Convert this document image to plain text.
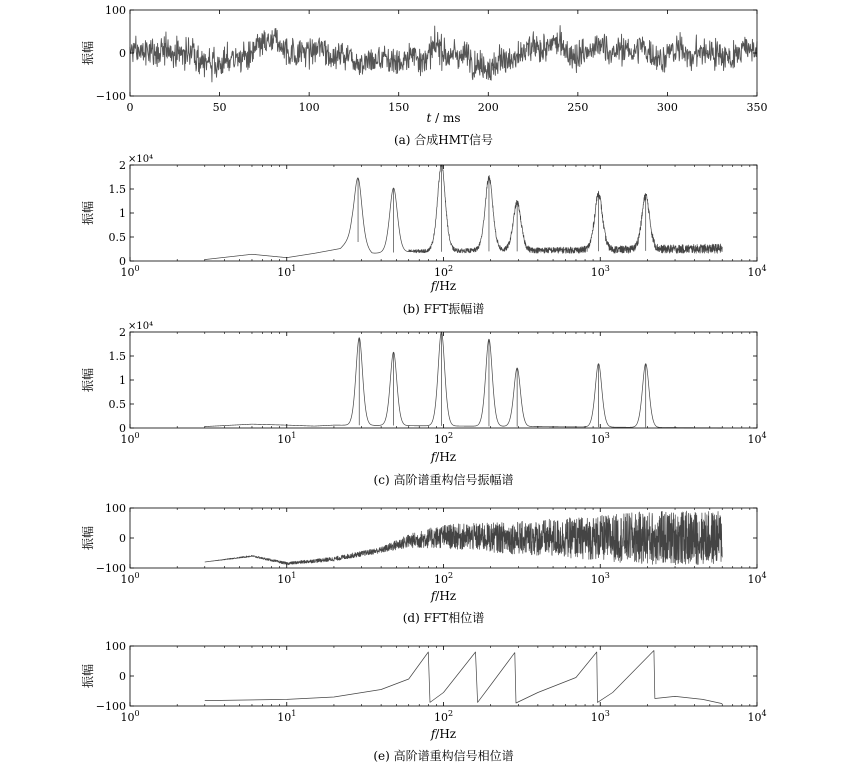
0	50	100	150	200	250	300	350
−100
0
100
振幅
t / ms
(a) 合成HMT信号
$10^0$	$10^1$	$10^2$	$10^3$	$10^4$
0
0.5
1
1.5
2 ×10⁴
振幅
f/Hz
(b) FFT振幅谱
$10^0$	$10^1$	$10^2$	$10^3$	$10^4$
0
0.5
1
1.5
2 ×10⁴
振幅
f/Hz
(c) 高阶谱重构信号振幅谱
$10^0$	$10^1$	$10^2$	$10^3$	$10^4$
−100
0
100
振幅
f/Hz
(d) FFT相位谱
$10^0$	$10^1$	$10^2$	$10^3$	$10^4$
−100
0
100
振幅
f/Hz
(e) 高阶谱重构信号相位谱
